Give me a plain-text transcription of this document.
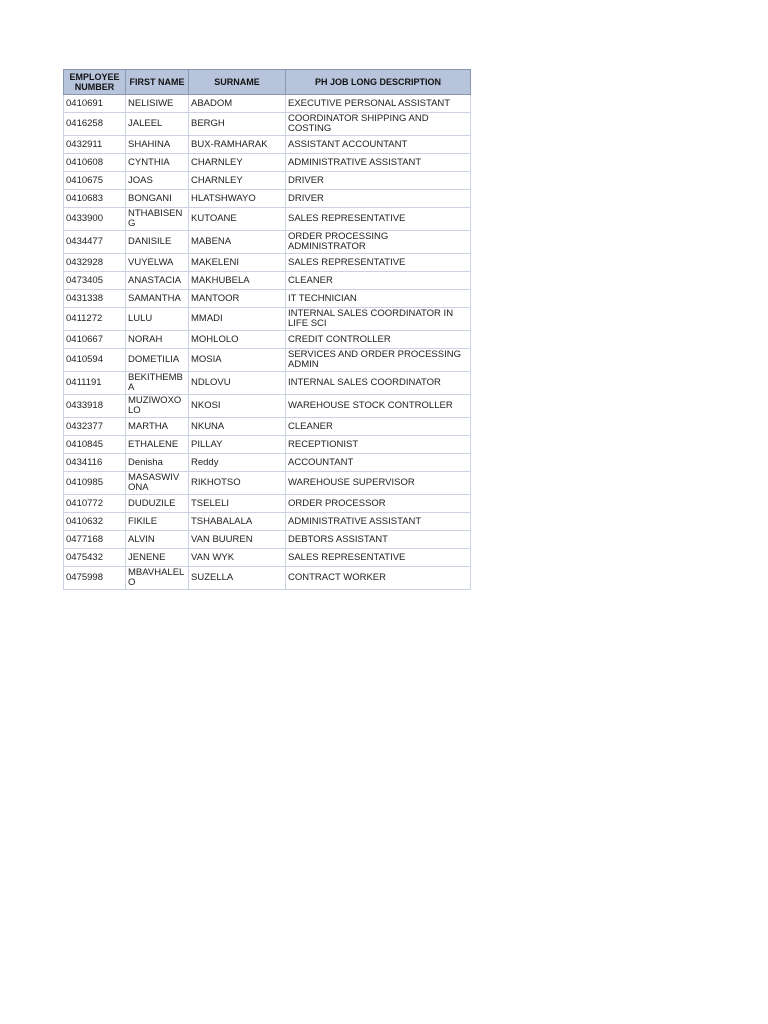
EMPLOYEE NUMBER	FIRST NAME	SURNAME	PH JOB LONG DESCRIPTION
0410691	NELISIWE	ABADOM	EXECUTIVE PERSONAL ASSISTANT
0416258	JALEEL	BERGH	COORDINATOR SHIPPING AND COSTING
0432911	SHAHINA	BUX-RAMHARAK	ASSISTANT ACCOUNTANT
0410608	CYNTHIA	CHARNLEY	ADMINISTRATIVE ASSISTANT
0410675	JOAS	CHARNLEY	DRIVER
0410683	BONGANI	HLATSHWAYO	DRIVER
0433900	NTHABISENG	KUTOANE	SALES REPRESENTATIVE
0434477	DANISILE	MABENA	ORDER PROCESSING ADMINISTRATOR
0432928	VUYELWA	MAKELENI	SALES REPRESENTATIVE
0473405	ANASTACIA	MAKHUBELA	CLEANER
0431338	SAMANTHA	MANTOOR	IT TECHNICIAN
0411272	LULU	MMADI	INTERNAL SALES COORDINATOR IN LIFE SCI
0410667	NORAH	MOHLOLO	CREDIT CONTROLLER
0410594	DOMETILIA	MOSIA	SERVICES AND ORDER PROCESSING ADMIN
0411191	BEKITHEMBA	NDLOVU	INTERNAL SALES COORDINATOR
0433918	MUZIWOXOLO	NKOSI	WAREHOUSE STOCK CONTROLLER
0432377	MARTHA	NKUNA	CLEANER
0410845	ETHALENE	PILLAY	RECEPTIONIST
0434116	Denisha	Reddy	ACCOUNTANT
0410985	MASASWIVONA	RIKHOTSO	WAREHOUSE SUPERVISOR
0410772	DUDUZILE	TSELELI	ORDER PROCESSOR
0410632	FIKILE	TSHABALALA	ADMINISTRATIVE ASSISTANT
0477168	ALVIN	VAN BUUREN	DEBTORS ASSISTANT
0475432	JENENE	VAN WYK	SALES REPRESENTATIVE
0475998	MBAVHALELO	SUZELLA	CONTRACT WORKER
